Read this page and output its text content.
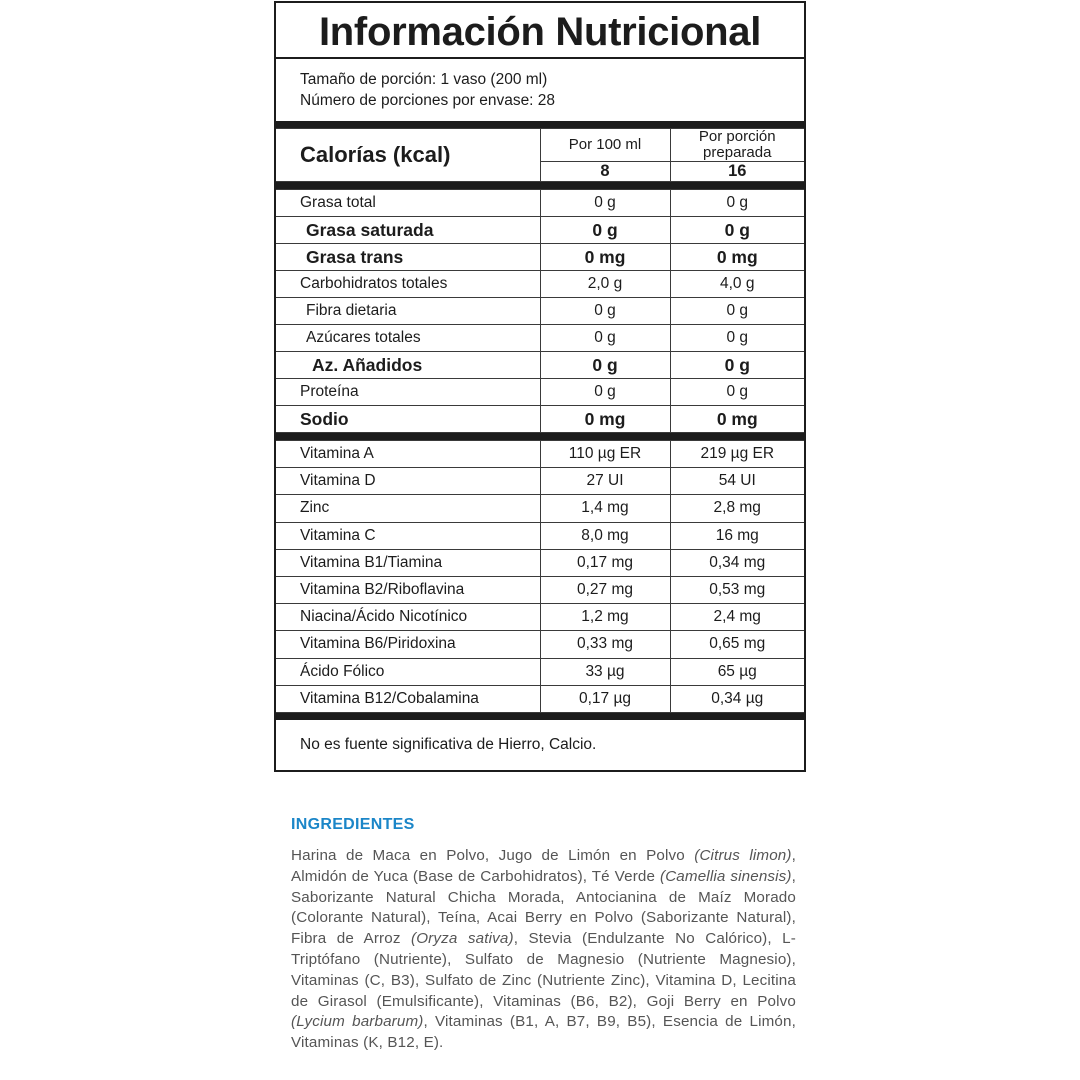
Información Nutricional
Tamaño de porción: 1 vaso (200 ml)
Número de porciones por envase: 28
Calorías (kcal)	Por 100 ml	Por porción preparada
	8	16
Grasa total	0 g	0 g
Grasa saturada	0 g	0 g
Grasa trans	0 mg	0 mg
Carbohidratos totales	2,0 g	4,0 g
Fibra dietaria	0 g	0 g
Azúcares totales	0 g	0 g
Az. Añadidos	0 g	0 g
Proteína	0 g	0 g
Sodio	0 mg	0 mg
Vitamina A	110 µg ER	219 µg ER
Vitamina D	27 UI	54 UI
Zinc	1,4 mg	2,8 mg
Vitamina C	8,0 mg	16 mg
Vitamina B1/Tiamina	0,17 mg	0,34 mg
Vitamina B2/Riboflavina	0,27 mg	0,53 mg
Niacina/Ácido Nicotínico	1,2 mg	2,4 mg
Vitamina B6/Piridoxina	0,33 mg	0,65 mg
Ácido Fólico	33 µg	65 µg
Vitamina B12/Cobalamina	0,17 µg	0,34 µg
No es fuente significativa de Hierro, Calcio.
INGREDIENTES
Harina de Maca en Polvo, Jugo de Limón en Polvo (Citrus limon), Almidón de Yuca (Base de Carbohidratos), Té Verde (Camellia sinensis), Saborizante Natural Chicha Morada, Antocianina de Maíz Morado (Colorante Natural), Teína, Acai Berry en Polvo (Saborizante Natural), Fibra de Arroz (Oryza sativa), Stevia (Endulzante No Calórico), L-Triptófano (Nutriente), Sulfato de Magnesio (Nutriente Magnesio), Vitaminas (C, B3), Sulfato de Zinc (Nutriente Zinc), Vitamina D, Lecitina de Girasol (Emulsificante), Vitaminas (B6, B2), Goji Berry en Polvo (Lycium barbarum), Vitaminas (B1, A, B7, B9, B5), Esencia de Limón, Vitaminas (K, B12, E).
